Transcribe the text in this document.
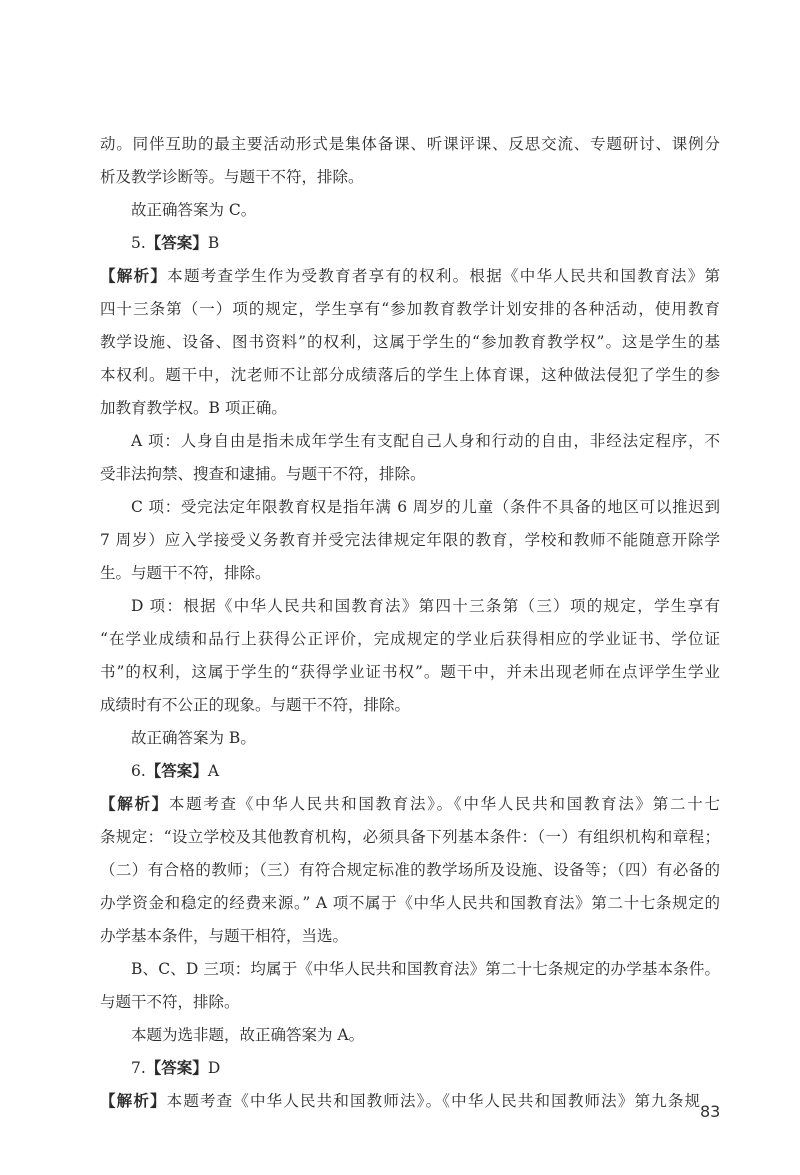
动。同伴互助的最主要活动形式是集体备课、听课评课、反思交流、专题研讨、课例分
析及教学诊断等。与题干不符，排除。
故正确答案为 C。
5.【答案】B
【解析】本题考查学生作为受教育者享有的权利。根据《中华人民共和国教育法》第
四十三条第（一）项的规定，学生享有“参加教育教学计划安排的各种活动，使用教育
教学设施、设备、图书资料”的权利，这属于学生的“参加教育教学权”。这是学生的基
本权利。题干中，沈老师不让部分成绩落后的学生上体育课，这种做法侵犯了学生的参
加教育教学权。B 项正确。
A 项：人身自由是指未成年学生有支配自己人身和行动的自由，非经法定程序，不
受非法拘禁、搜查和逮捕。与题干不符，排除。
C 项：受完法定年限教育权是指年满 6 周岁的儿童（条件不具备的地区可以推迟到
7 周岁）应入学接受义务教育并受完法律规定年限的教育，学校和教师不能随意开除学
生。与题干不符，排除。
D 项：根据《中华人民共和国教育法》第四十三条第（三）项的规定，学生享有
“在学业成绩和品行上获得公正评价，完成规定的学业后获得相应的学业证书、学位证
书”的权利，这属于学生的“获得学业证书权”。题干中，并未出现老师在点评学生学业
成绩时有不公正的现象。与题干不符，排除。
故正确答案为 B。
6.【答案】A
【解析】本题考查《中华人民共和国教育法》。《中华人民共和国教育法》第二十七
条规定：“设立学校及其他教育机构，必须具备下列基本条件：（一）有组织机构和章程；
（二）有合格的教师；（三）有符合规定标准的教学场所及设施、设备等；（四）有必备的
办学资金和稳定的经费来源。” A 项不属于《中华人民共和国教育法》第二十七条规定的
办学基本条件，与题干相符，当选。
B、C、D 三项：均属于《中华人民共和国教育法》第二十七条规定的办学基本条件。
与题干不符，排除。
本题为选非题，故正确答案为 A。
7.【答案】D
【解析】本题考查《中华人民共和国教师法》。《中华人民共和国教师法》第九条规
83
